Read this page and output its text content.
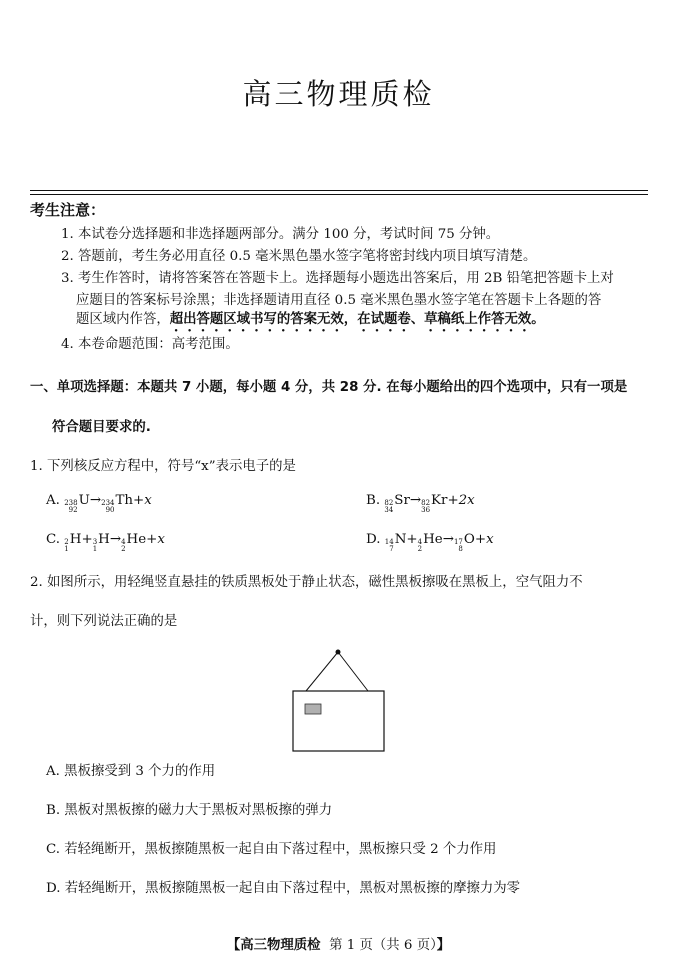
高三物理质检
考生注意：
1. 本试卷分选择题和非选择题两部分。满分 100 分，考试时间 75 分钟。
2. 答题前，考生务必用直径 0.5 毫米黑色墨水签字笔将密封线内项目填写清楚。
3. 考生作答时，请将答案答在答题卡上。选择题每小题选出答案后，用 2B 铅笔把答题卡上对
应题目的答案标号涂黑；非选择题请用直径 0.5 毫米黑色墨水签字笔在答题卡上各题的答
题区域内作答，超出答题区域书写的答案无效，在试题卷、草稿纸上作答无效。
4. 本卷命题范围：高考范围。
一、单项选择题：本题共 7 小题，每小题 4 分，共 28 分. 在每小题给出的四个选项中，只有一项是
符合题目要求的.
1. 下列核反应方程中，符号“x”表示电子的是
A. 238
92
U→ 234
90
Th+x	B. 82
34
Sr→ 82
36
Kr+2x
C. 2
1
H+ 3
1
H→ 4
2
He+x	D. 14
7
N+ 4
2
He→ 17
8
O+x
2. 如图所示，用轻绳竖直悬挂的铁质黑板处于静止状态，磁性黑板擦吸在黑板上，空气阻力不
计，则下列说法正确的是
A. 黑板擦受到 3 个力的作用
B. 黑板对黑板擦的磁力大于黑板对黑板擦的弹力
C. 若轻绳断开，黑板擦随黑板一起自由下落过程中，黑板擦只受 2 个力作用
D. 若轻绳断开，黑板擦随黑板一起自由下落过程中，黑板对黑板擦的摩擦力为零
【高三物理质检 第 1 页（共 6 页）】
